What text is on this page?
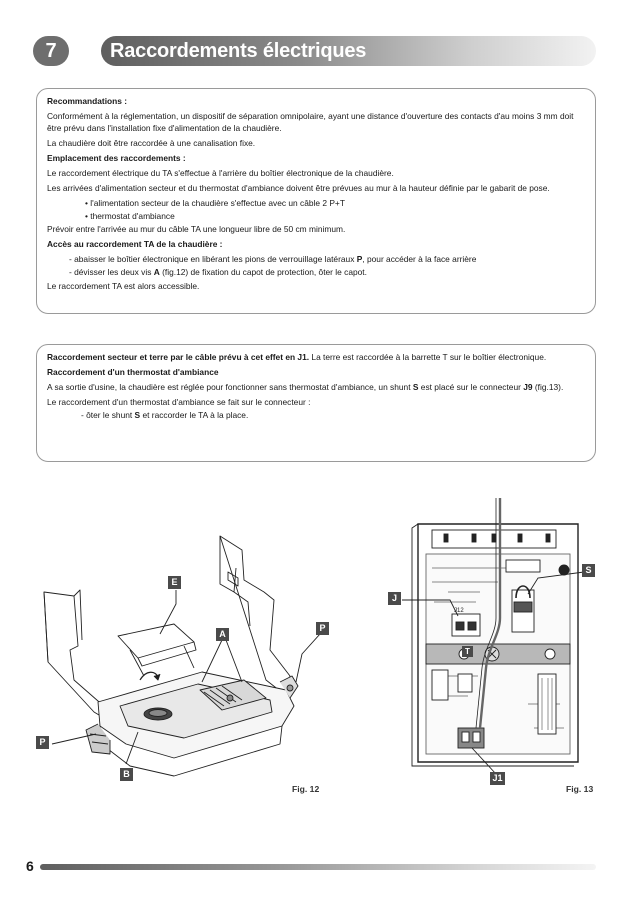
7	Raccordements électriques

Recommandations :

Conformément à la réglementation, un dispositif de séparation omnipolaire, ayant une distance d'ouverture des contacts d'au moins 3 mm doit être prévu dans l'installation fixe d'alimentation de la chaudière.

La chaudière doit être raccordée à une canalisation fixe.

Emplacement des raccordements :

Le raccordement électrique du TA s'effectue à l'arrière du boîtier électronique de la chaudière.

Les arrivées d'alimentation secteur et du thermostat d'ambiance doivent être prévues au mur à la hauteur définie par le gabarit de pose.

• l'alimentation secteur de la chaudière s'effectue avec un câble 2 P+T

• thermostat d'ambiance

Prévoir entre l'arrivée au mur du câble TA une longueur libre de 50 cm minimum.

Accès au raccordement TA de la chaudière :

- abaisser le boîtier électronique en libérant les pions de verrouillage latéraux P, pour accéder à la face arrière

- dévisser les deux vis A (fig.12) de fixation du capot de protection, ôter le capot.

Le raccordement TA est alors accessible.

Raccordement secteur et terre par le câble prévu à cet effet en J1. La terre est raccordée à la barrette T sur le boîtier électronique.

Raccordement d'un thermostat d'ambiance

A sa sortie d'usine, la chaudière est réglée pour fonctionner sans thermostat d'ambiance, un shunt S est placé sur le connecteur J9 (fig.13).

Le raccordement d'un thermostat d'ambiance se fait sur le connecteur :

- ôter le shunt S et raccorder le TA à la place.

E
A
P
P
B
Fig. 12
J12
J
S
T
J1
Fig. 13
6
